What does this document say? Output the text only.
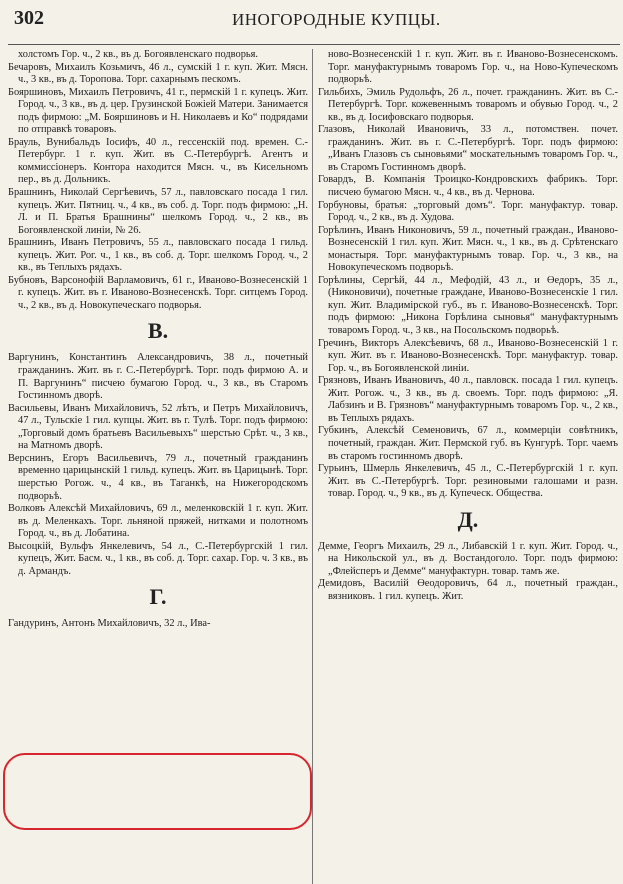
302	ИНОГОРОДНЫЕ КУПЦЫ.

холстомъ Гор. ч., 2 кв., въ д. Богоявленскаго подворья.

Бечаровъ, Михаилъ Козьмичъ, 46 л., сумскій 1 г. куп. Жит. Мясн. ч., 3 кв., въ д. Торопова. Торг. сахарнымъ пескомъ.

Бояршиновъ, Михаилъ Петровичъ, 41 г., пермскій 1 г. купецъ. Жит. Город. ч., 3 кв., въ д. цер. Грузинской Божіей Матери. Занимается подъ фирмою: „М. Бояршиновъ и Н. Николаевъ и Ко“ подрядами по отправкѣ товаровъ.

Брауль, Вунибальдъ Іосифъ, 40 л., гессенскій под. времен. С.-Петербург. 1 г. куп. Жит. въ С.-Петербургѣ. Агентъ и коммиссіонеръ. Контора находится Мясн. ч., въ Кисельномъ пер., въ д. Дольникъ.

Брашнинъ, Николай Сергѣевичъ, 57 л., павловскаго посада 1 гил. купецъ. Жит. Пятниц. ч., 4 кв., въ соб. д. Торг. подъ фирмою: „Н. Л. и П. Братья Брашнины“ шелкомъ Город. ч., 2 кв., въ Богоявленской линіи, № 26.

Брашнинъ, Иванъ Петровичъ, 55 л., павловскаго посада 1 гильд. купецъ. Жит. Рог. ч., 1 кв., въ соб. д. Торг. шелкомъ Город. ч., 2 кв., въ Теплыхъ рядахъ.

Бубновъ, Варсонофій Варламовичъ, 61 г., Иваново-Вознесенскій 1 г. купецъ. Жит. въ г. Иваново-Вознесенскѣ. Торг. ситцемъ Город. ч., 2 кв., въ д. Новокупеческаго подворья.

В.

Варгунинъ, Константинъ Александровичъ, 38 л., почетный гражданинъ. Жит. въ г. С.-Петербургѣ. Торг. подъ фирмою А. и П. Варгунинъ“ писчею бумагою Город. ч., 3 кв., въ Старомъ Гостинномъ дворѣ.

Васильевы, Иванъ Михайловичъ, 52 лѣтъ, и Петръ Михайловичъ, 47 л., Тульскіе 1 гил. купцы. Жит. въ г. Тулѣ. Торг. подъ фирмою: „Торговый домъ братьевъ Васильевыхъ“ шерстью Срѣт. ч., 3 кв., на Матномъ дворѣ.

Верснинъ, Егоръ Васильевичъ, 79 л., почетный гражданинъ временно царицынскій 1 гильд. купецъ. Жит. въ Царицынѣ. Торг. шерстью Рогож. ч., 4 кв., въ Таганкѣ, на Нижегородскомъ подворьѣ.

Волковъ Алексѣй Михайловичъ, 69 л., меленковскій 1 г. куп. Жит. въ д. Меленкахъ. Торг. льняной пряжей, нитками и полотномъ Город. ч., въ д. Лобатина.

Высоцкій, Вульфъ Янкелевичъ, 54 л., С.-Петербургскій 1 гил. купецъ, Жит. Басм. ч., 1 кв., въ соб. д. Торг. сахар. Гор. ч. 3 кв., въ д. Армандъ.

Г.

Гандуринъ, Антонъ Михайловичъ, 32 л., Ива-

ново-Вознесенскій 1 г. куп. Жит. въ г. Иваново-Вознесенскомъ. Торг. мануфактурнымъ товаромъ Гор. ч., на Ново-Купеческомъ подворьѣ.

Гильбихъ, Эмиль Рудольфъ, 26 л., почет. гражданинъ. Жит. въ С.-Петербургѣ. Торг. кожевеннымъ товаромъ и обувью Город. ч., 2 кв., въ д. Іосифовскаго подворья.

Глазовъ, Николай Ивановичъ, 33 л., потомствен. почет. гражданинъ. Жит. въ г. С.-Петербургѣ. Торг. подъ фирмою: „Иванъ Глазовъ съ сыновьями“ москательнымъ товаромъ Гор. ч., въ Старомъ Гостинномъ дворѣ.

Говардъ, В. Компанія Троицко-Кондровскихъ фабрикъ. Торг. писчею бумагою Мясн. ч., 4 кв., въ д. Чернова.

Горбуновы, братья: „торговый домъ“. Торг. мануфактур. товар. Город. ч., 2 кв., въ д. Худова.

Горѣлинъ, Иванъ Никоновичъ, 59 л., почетный граждан., Иваново-Вознесенскій 1 гил. куп. Жит. Мясн. ч., 1 кв., въ д. Срѣтенскаго монастыря. Торг. мануфактурнымъ товар. Гор. ч., 3 кв., на Новокупеческомъ подворьѣ.

Горѣлины, Сергѣй, 44 л., Мефодій, 43 л., и Өедоръ, 35 л., (Никоновичи), почетные граждане, Иваново-Вознесенскіе 1 гил. куп. Жит. Владимірской губ., въ г. Иваново-Вознесенскѣ. Торг. подъ фирмою: „Никона Горѣлина сыновья“ мануфактурнымъ товаромъ Город. ч., 3 кв., на Посольскомъ подворьѣ.

Гречинъ, Викторъ Алексѣевичъ, 68 л., Иваново-Вознесенскій 1 г. куп. Жит. въ г. Иваново-Вознесенскѣ. Торг. мануфактур. товар. Гор. ч., въ Богоявленской линіи.

Грязновъ, Иванъ Ивановичъ, 40 л., павловск. посада 1 гил. купецъ. Жит. Рогож. ч., 3 кв., въ д. своемъ. Торг. подъ фирмою: „Я. Лабзинъ и В. Грязновъ“ мануфактурнымъ товаромъ Гор. ч., 2 кв., въ Теплыхъ рядахъ.

Губкинъ, Алексѣй Семеновичъ, 67 л., коммерціи совѣтникъ, почетный, граждан. Жит. Пермской губ. въ Кунгурѣ. Торг. чаемъ въ старомъ гостинномъ дворѣ.

Гурьинъ, Шмерль Янкелевичъ, 45 л., С.-Петербургскій 1 г. куп. Жит. въ С.-Петербургѣ. Торг. резиновыми галошами и разн. товар. Город. ч., 9 кв., въ д. Купеческ. Общества.

Д.

Демме, Георгъ Михаилъ, 29 л., Либавскій 1 г. куп. Жит. Город. ч., на Никольской ул., въ д. Востандоголо. Торг. подъ фирмою: „Флейсперъ и Демме“ мануфактурн. товар. тамъ же.

Демидовъ, Василій Өеодоровичъ, 64 л., почетный граждан., вязниковъ. 1 гил. купецъ. Жит.
